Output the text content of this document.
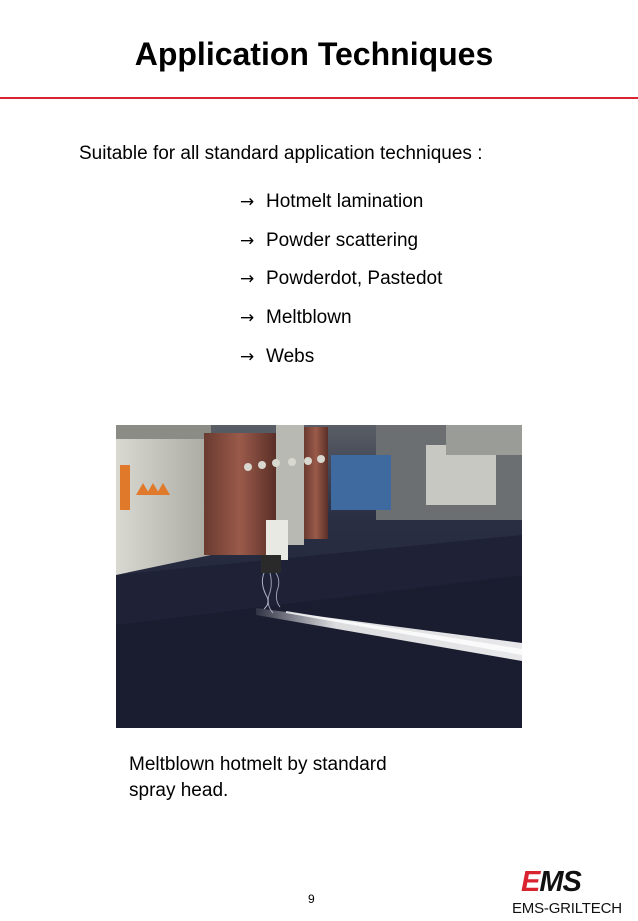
Application Techniques
Suitable for all standard application techniques :
→ Hotmelt lamination
→ Powder scattering
→ Powderdot, Pastedot
→ Meltblown
→ Webs
Meltblown hotmelt by standard
spray head.
9
EMS
EMS-GRILTECH
